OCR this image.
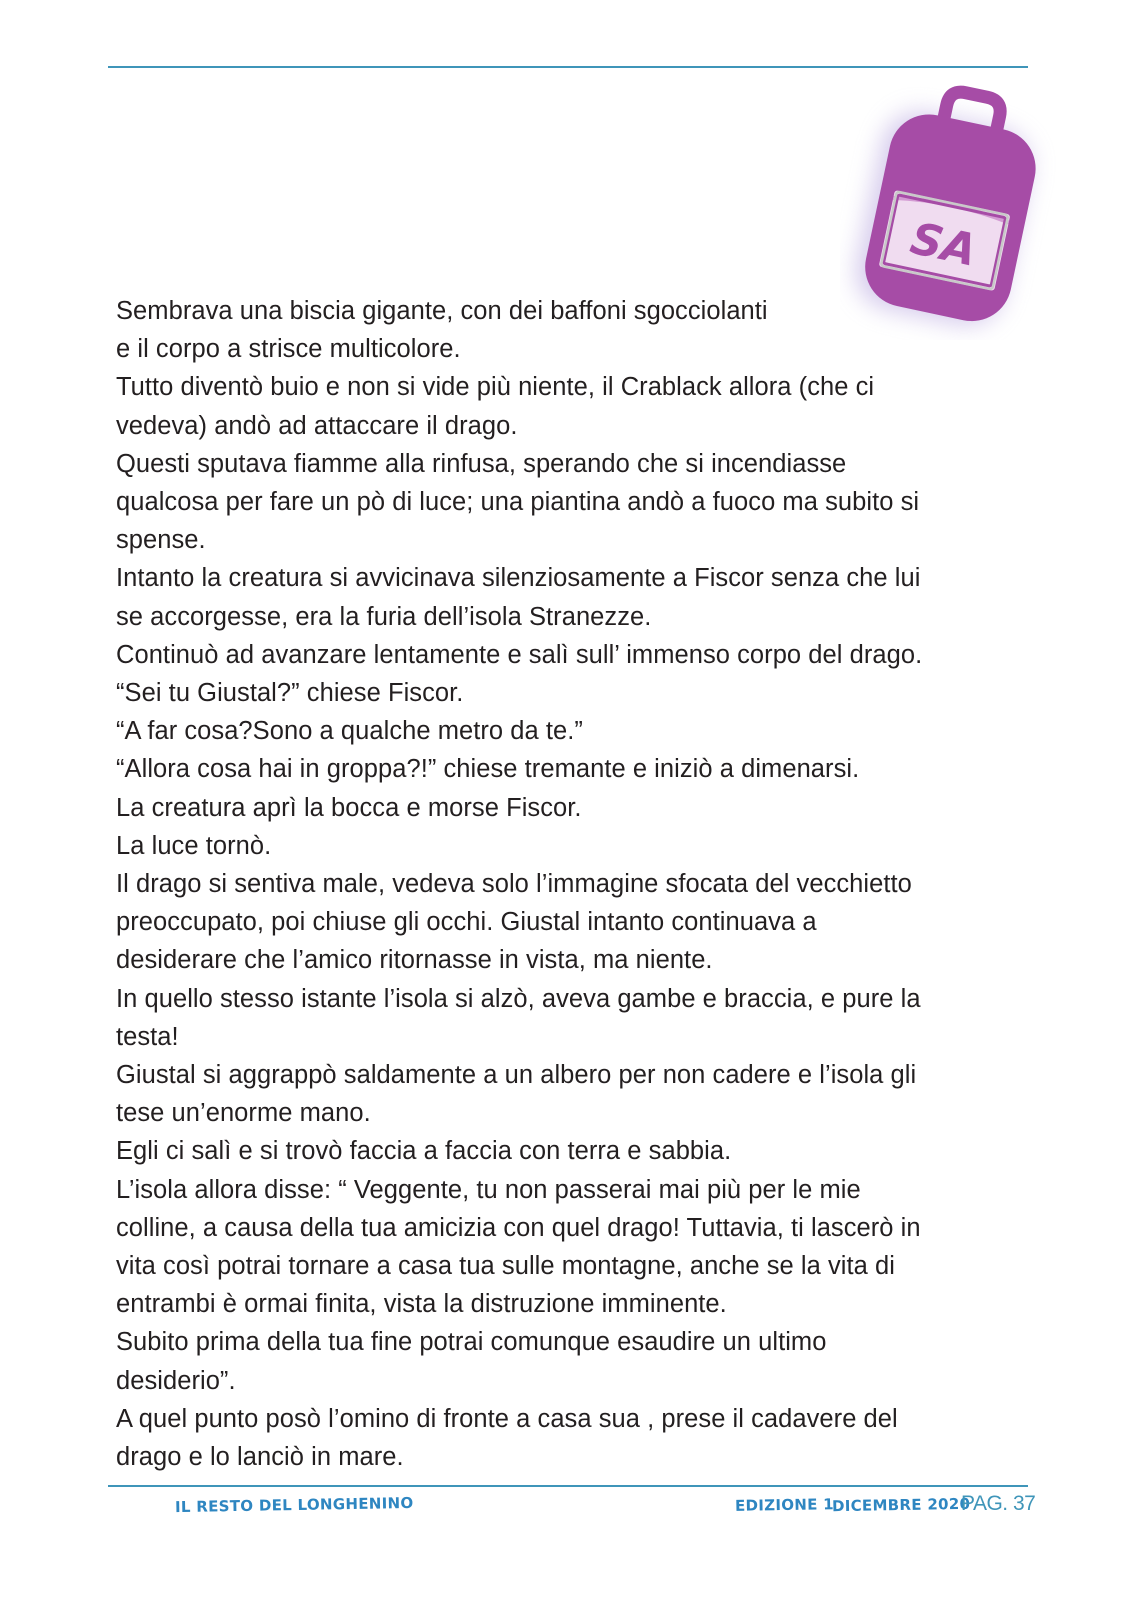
SA
Sembrava una biscia gigante, con dei baffoni sgocciolanti
e il corpo a strisce multicolore.
Tutto diventò buio e non si vide più niente, il Crablack allora (che ci
vedeva) andò ad attaccare il drago.
Questi sputava fiamme alla rinfusa, sperando che si incendiasse
qualcosa per fare un pò di luce; una piantina andò a fuoco ma subito si
spense.
Intanto la creatura si avvicinava silenziosamente a Fiscor senza che lui
se accorgesse, era la furia dell’isola Stranezze.
Continuò ad avanzare lentamente e salì sull’ immenso corpo del drago.
“Sei tu Giustal?” chiese Fiscor.
“A far cosa?Sono a qualche metro da te.”
“Allora cosa hai in groppa?!” chiese tremante e iniziò a dimenarsi.
La creatura aprì la bocca e morse Fiscor.
La luce tornò.
Il drago si sentiva male, vedeva solo l’immagine sfocata del vecchietto
preoccupato, poi chiuse gli occhi. Giustal intanto continuava a
desiderare che l’amico ritornasse in vista, ma niente.
In quello stesso istante l’isola si alzò, aveva gambe e braccia, e pure la
testa!
Giustal si aggrappò saldamente a un albero per non cadere e l’isola gli
tese un’enorme mano.
Egli ci salì e si trovò faccia a faccia con terra e sabbia.
L’isola allora disse: “ Veggente, tu non passerai mai più per le mie
colline, a causa della tua amicizia con quel drago! Tuttavia, ti lascerò in
vita così potrai tornare a casa tua sulle montagne, anche se la vita di
entrambi è ormai finita, vista la distruzione imminente.
Subito prima della tua fine potrai comunque esaudire un ultimo
desiderio”.
A quel punto posò l’omino di fronte a casa sua , prese il cadavere del
drago e lo lanciò in mare.
IL RESTO DEL LONGHENINO	EDIZIONE 1
DICEMBRE 2020
PAG. 37
